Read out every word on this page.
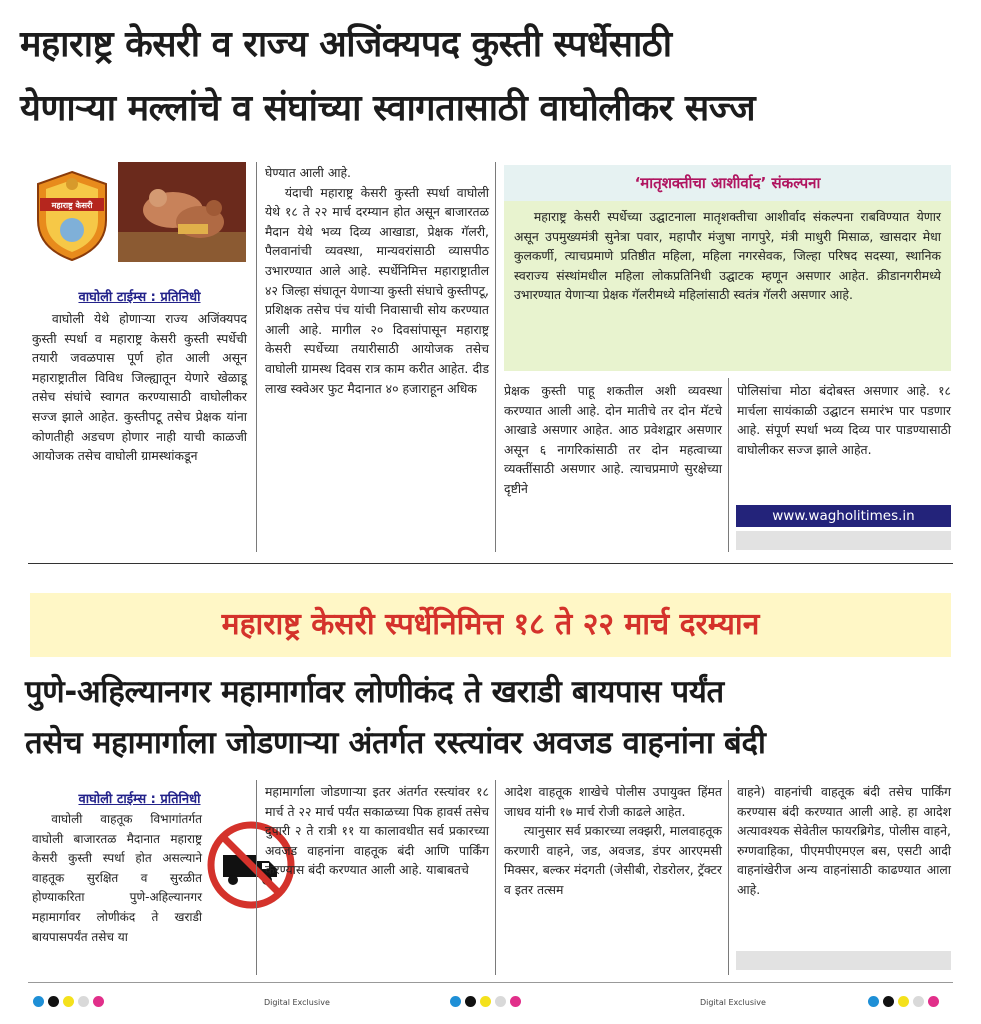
महाराष्ट्र केसरी व राज्य अजिंक्यपद कुस्ती स्पर्धेसाठी
येणाऱ्या मल्लांचे व संघांच्या स्वागतासाठी वाघोलीकर सज्ज
महाराष्ट्र केसरी
वाघोली टाईम्स : प्रतिनिधी

वाघोली येथे होणाऱ्या राज्य अजिंक्यपद कुस्ती स्पर्धा व महाराष्ट्र केसरी कुस्ती स्पर्धेची तयारी जवळपास पूर्ण होत आली असून महाराष्ट्रातील विविध जिल्ह्यातून येणारे खेळाडू तसेच संघांचे स्वागत करण्यासाठी वाघोलीकर सज्ज झाले आहेत. कुस्तीपटू तसेच प्रेक्षक यांना कोणतीही अडचण होणार नाही याची काळजी आयोजक तसेच वाघोली ग्रामस्थांकडून

घेण्यात आली आहे.

यंदाची महाराष्ट्र केसरी कुस्ती स्पर्धा वाघोली येथे १८ ते २२ मार्च दरम्यान होत असून बाजारतळ मैदान येथे भव्य दिव्य आखाडा, प्रेक्षक गॅलरी, पैलवानांची व्यवस्था, मान्यवरांसाठी व्यासपीठ उभारण्यात आले आहे. स्पर्धेनिमित्त महाराष्ट्रातील ४२ जिल्हा संघातून येणाऱ्या कुस्ती संघाचे कुस्तीपटू, प्रशिक्षक तसेच पंच यांची निवासाची सोय करण्यात आली आहे. मागील २० दिवसांपासून महाराष्ट्र केसरी स्पर्धेच्या तयारीसाठी आयोजक तसेच वाघोली ग्रामस्थ दिवस रात्र काम करीत आहेत. दीड लाख स्क्वेअर फुट मैदानात ४० हजाराहून अधिक

‘मातृशक्तीचा आशीर्वाद’ संकल्पना

महाराष्ट्र केसरी स्पर्धेच्या उद्घाटनाला मातृशक्तीचा आशीर्वाद संकल्पना राबविण्यात येणार असून उपमुख्यमंत्री सुनेत्रा पवार, महापौर मंजुषा नागपुरे, मंत्री माधुरी मिसाळ, खासदार मेधा कुलकर्णी, त्याचप्रमाणे प्रतिष्ठीत महिला, महिला नगरसेवक, जिल्हा परिषद सदस्या, स्थानिक स्वराज्य संस्थांमधील महिला लोकप्रतिनिधी उद्घाटक म्हणून असणार आहेत. क्रीडानगरीमध्ये उभारण्यात येणाऱ्या प्रेक्षक गॅलरीमध्ये महिलांसाठी स्वतंत्र गॅलरी असणार आहे.

प्रेक्षक कुस्ती पाहू शकतील अशी व्यवस्था करण्यात आली आहे. दोन मातीचे तर दोन मॅटचे आखाडे असणार आहेत. आठ प्रवेशद्वार असणार असून ६ नागरिकांसाठी तर दोन महत्वाच्या व्यक्तींसाठी असणार आहे. त्याचप्रमाणे सुरक्षेच्या दृष्टीने

पोलिसांचा मोठा बंदोबस्त असणार आहे. १८ मार्चला सायंकाळी उद्घाटन समारंभ पार पडणार आहे. संपूर्ण स्पर्धा भव्य दिव्य पार पाडण्यासाठी वाघोलीकर सज्ज झाले आहेत.

www.wagholitimes.in
महाराष्ट्र केसरी स्पर्धेनिमित्त १८ ते २२ मार्च दरम्यान
पुणे-अहिल्यानगर महामार्गावर लोणीकंद ते खराडी बायपास पर्यंत
तसेच महामार्गाला जोडणाऱ्या अंतर्गत रस्त्यांवर अवजड वाहनांना बंदी
वाघोली टाईम्स : प्रतिनिधी

वाघोली वाहतूक विभागांतर्गत वाघोली बाजारतळ मैदानात महाराष्ट्र केसरी कुस्ती स्पर्धा होत असल्याने वाहतूक सुरक्षित व सुरळीत होण्याकरिता पुणे-अहिल्यानगर महामार्गावर लोणीकंद ते खराडी बायपासपर्यंत तसेच या

महामार्गाला जोडणाऱ्या इतर अंतर्गत रस्त्यांवर १८ मार्च ते २२ मार्च पर्यंत सकाळच्या पिक हावर्स तसेच दुपारी २ ते रात्री ११ या कालावधीत सर्व प्रकारच्या अवजड वाहनांना वाहतूक बंदी आणि पार्किंग करण्यास बंदी करण्यात आली आहे. याबाबतचे

आदेश वाहतूक शाखेचे पोलीस उपायुक्त हिंमत जाधव यांनी १७ मार्च रोजी काढले आहेत.

त्यानुसार सर्व प्रकारच्या लक्झरी, मालवाहतूक करणारी वाहने, जड, अवजड, डंपर आरएमसी मिक्सर, बल्कर मंदगती (जेसीबी, रोडरोलर, ट्रॅक्टर व इतर तत्सम

वाहने) वाहनांची वाहतूक बंदी तसेच पार्किंग करण्यास बंदी करण्यात आली आहे. हा आदेश अत्यावश्यक सेवेतील फायरब्रिगेड, पोलीस वाहने, रुग्णवाहिका, पीएमपीएमएल बस, एसटी आदी वाहनांखेरीज अन्य वाहनांसाठी काढण्यात आला आहे.

Digital Exclusive	Digital Exclusive
